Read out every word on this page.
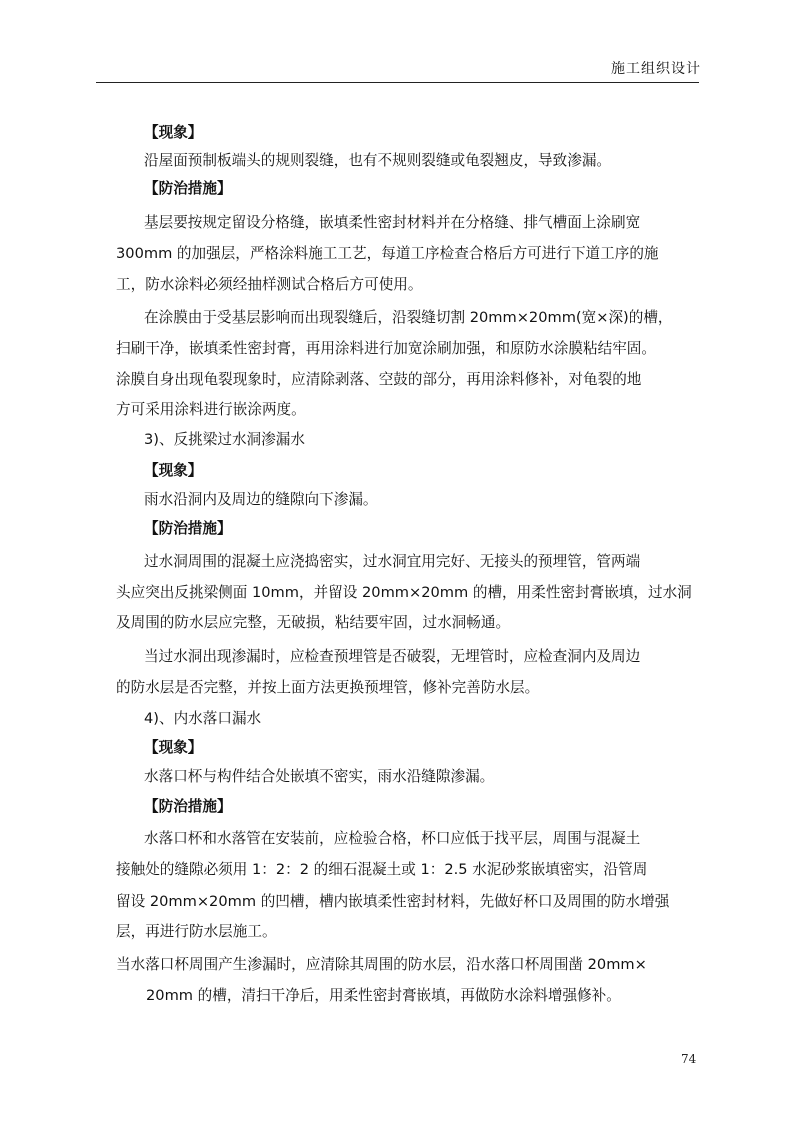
施工组织设计
【现象】
沿屋面预制板端头的规则裂缝，也有不规则裂缝或龟裂翘皮，导致渗漏。
【防治措施】
基层要按规定留设分格缝，嵌填柔性密封材料并在分格缝、排气槽面上涂刷宽
300mm 的加强层，严格涂料施工工艺，每道工序检查合格后方可进行下道工序的施
工，防水涂料必须经抽样测试合格后方可使用。
在涂膜由于受基层影响而出现裂缝后，沿裂缝切割 20mm×20mm(宽×深)的槽，
扫刷干净，嵌填柔性密封膏，再用涂料进行加宽涂刷加强，和原防水涂膜粘结牢固。
涂膜自身出现龟裂现象时，应清除剥落、空鼓的部分，再用涂料修补，对龟裂的地
方可采用涂料进行嵌涂两度。
3)、反挑梁过水洞渗漏水
【现象】
雨水沿洞内及周边的缝隙向下渗漏。
【防治措施】
过水洞周围的混凝土应浇捣密实，过水洞宜用完好、无接头的预埋管，管两端
头应突出反挑梁侧面 10mm，并留设 20mm×20mm 的槽，用柔性密封膏嵌填，过水洞
及周围的防水层应完整，无破损，粘结要牢固，过水洞畅通。
当过水洞出现渗漏时，应检查预埋管是否破裂，无埋管时，应检查洞内及周边
的防水层是否完整，并按上面方法更换预埋管，修补完善防水层。
4)、内水落口漏水
【现象】
水落口杯与构件结合处嵌填不密实，雨水沿缝隙渗漏。
【防治措施】
水落口杯和水落管在安装前，应检验合格，杯口应低于找平层，周围与混凝土
接触处的缝隙必须用 1：2：2 的细石混凝土或 1：2.5 水泥砂浆嵌填密实，沿管周
留设 20mm×20mm 的凹槽，槽内嵌填柔性密封材料，先做好杯口及周围的防水增强
层，再进行防水层施工。
当水落口杯周围产生渗漏时，应清除其周围的防水层，沿水落口杯周围凿 20mm×
20mm 的槽，清扫干净后，用柔性密封膏嵌填，再做防水涂料增强修补。
74
